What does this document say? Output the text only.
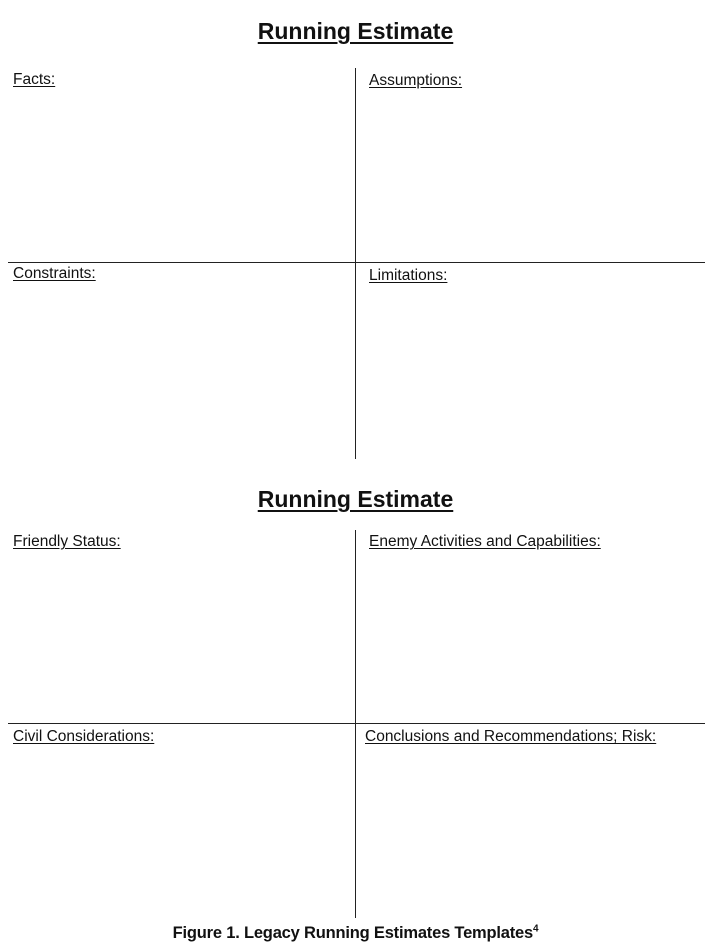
Running Estimate
Facts:	Assumptions:
Constraints:	Limitations:
Running Estimate
Friendly Status:	Enemy Activities and Capabilities:
Civil Considerations:	Conclusions and Recommendations; Risk:
Figure 1. Legacy Running Estimates Templates$^4$
